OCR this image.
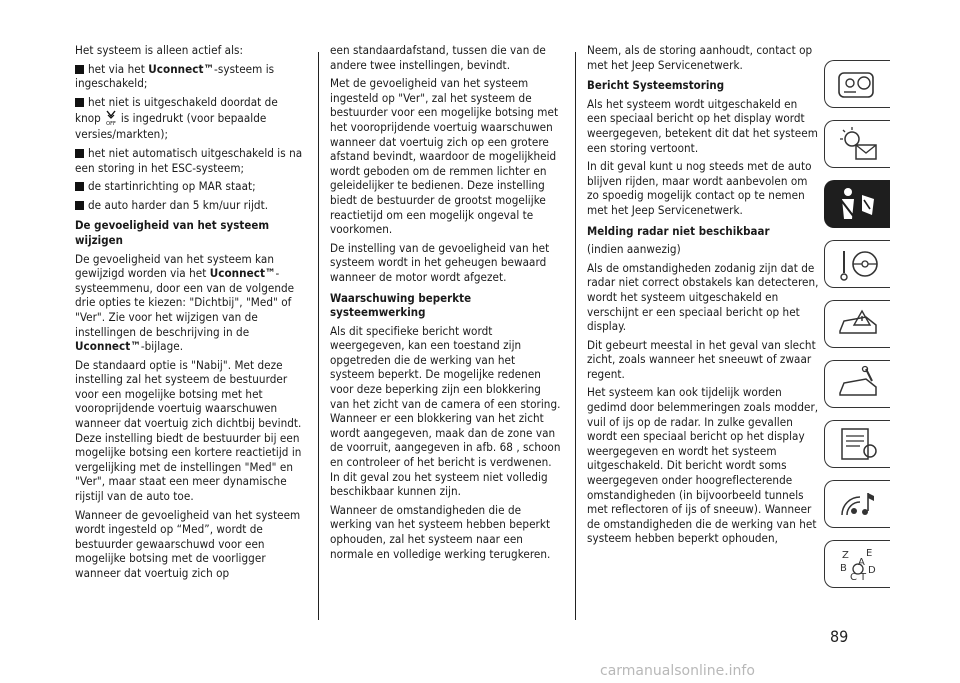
Het systeem is alleen actief als:

het via het Uconnect™-systeem is ingeschakeld;

het niet is uitgeschakeld doordat de knop OFF is ingedrukt (voor bepaalde versies/markten);

het niet automatisch uitgeschakeld is na een storing in het ESC-systeem;

de startinrichting op MAR staat;

de auto harder dan 5 km/uur rijdt.

De gevoeligheid van het systeem wijzigen

De gevoeligheid van het systeem kan gewijzigd worden via het Uconnect™-systeemmenu, door een van de volgende drie opties te kiezen: "Dichtbij", "Med" of "Ver". Zie voor het wijzigen van de instellingen de beschrijving in de Uconnect™-bijlage.

De standaard optie is "Nabij". Met deze instelling zal het systeem de bestuurder voor een mogelijke botsing met het vooroprijdende voertuig waarschuwen wanneer dat voertuig zich dichtbij bevindt. Deze instelling biedt de bestuurder bij een mogelijke botsing een kortere reactietijd in vergelijking met de instellingen "Med" en "Ver", maar staat een meer dynamische rijstijl van de auto toe.

Wanneer de gevoeligheid van het systeem wordt ingesteld op “Med”, wordt de bestuurder gewaarschuwd voor een mogelijke botsing met de voorligger wanneer dat voertuig zich op

een standaardafstand, tussen die van de andere twee instellingen, bevindt.

Met de gevoeligheid van het systeem ingesteld op "Ver", zal het systeem de bestuurder voor een mogelijke botsing met het vooroprijdende voertuig waarschuwen wanneer dat voertuig zich op een grotere afstand bevindt, waardoor de mogelijkheid wordt geboden om de remmen lichter en geleidelijker te bedienen. Deze instelling biedt de bestuurder de grootst mogelijke reactietijd om een mogelijk ongeval te voorkomen.

De instelling van de gevoeligheid van het systeem wordt in het geheugen bewaard wanneer de motor wordt afgezet.

Waarschuwing beperkte systeemwerking

Als dit specifieke bericht wordt weergegeven, kan een toestand zijn opgetreden die de werking van het systeem beperkt. De mogelijke redenen voor deze beperking zijn een blokkering van het zicht van de camera of een storing. Wanneer er een blokkering van het zicht wordt aangegeven, maak dan de zone van de voorruit, aangegeven in afb. 68 , schoon en controleer of het bericht is verdwenen. In dit geval zou het systeem niet volledig beschikbaar kunnen zijn.

Wanneer de omstandigheden die de werking van het systeem hebben beperkt ophouden, zal het systeem naar een normale en volledige werking terugkeren.

Neem, als de storing aanhoudt, contact op met het Jeep Servicenetwerk.

Bericht Systeemstoring

Als het systeem wordt uitgeschakeld en een speciaal bericht op het display wordt weergegeven, betekent dit dat het systeem een storing vertoont.

In dit geval kunt u nog steeds met de auto blijven rijden, maar wordt aanbevolen om zo spoedig mogelijk contact op te nemen met het Jeep Servicenetwerk.

Melding radar niet beschikbaar

(indien aanwezig)

Als de omstandigheden zodanig zijn dat de radar niet correct obstakels kan detecteren, wordt het systeem uitgeschakeld en verschijnt er een speciaal bericht op het display.

Dit gebeurt meestal in het geval van slecht zicht, zoals wanneer het sneeuwt of zwaar regent.

Het systeem kan ook tijdelijk worden gedimd door belemmeringen zoals modder, vuil of ijs op de radar. In zulke gevallen wordt een speciaal bericht op het display weergegeven en wordt het systeem uitgeschakeld. Dit bericht wordt soms weergegeven onder hoogreflecterende omstandigheden (in bijvoorbeeld tunnels met reflectoren of ijs of sneeuw). Wanneer de omstandigheden die de werking van het systeem hebben beperkt ophouden,

Z E
A
B D
C T
89
carmanualsonline.info
